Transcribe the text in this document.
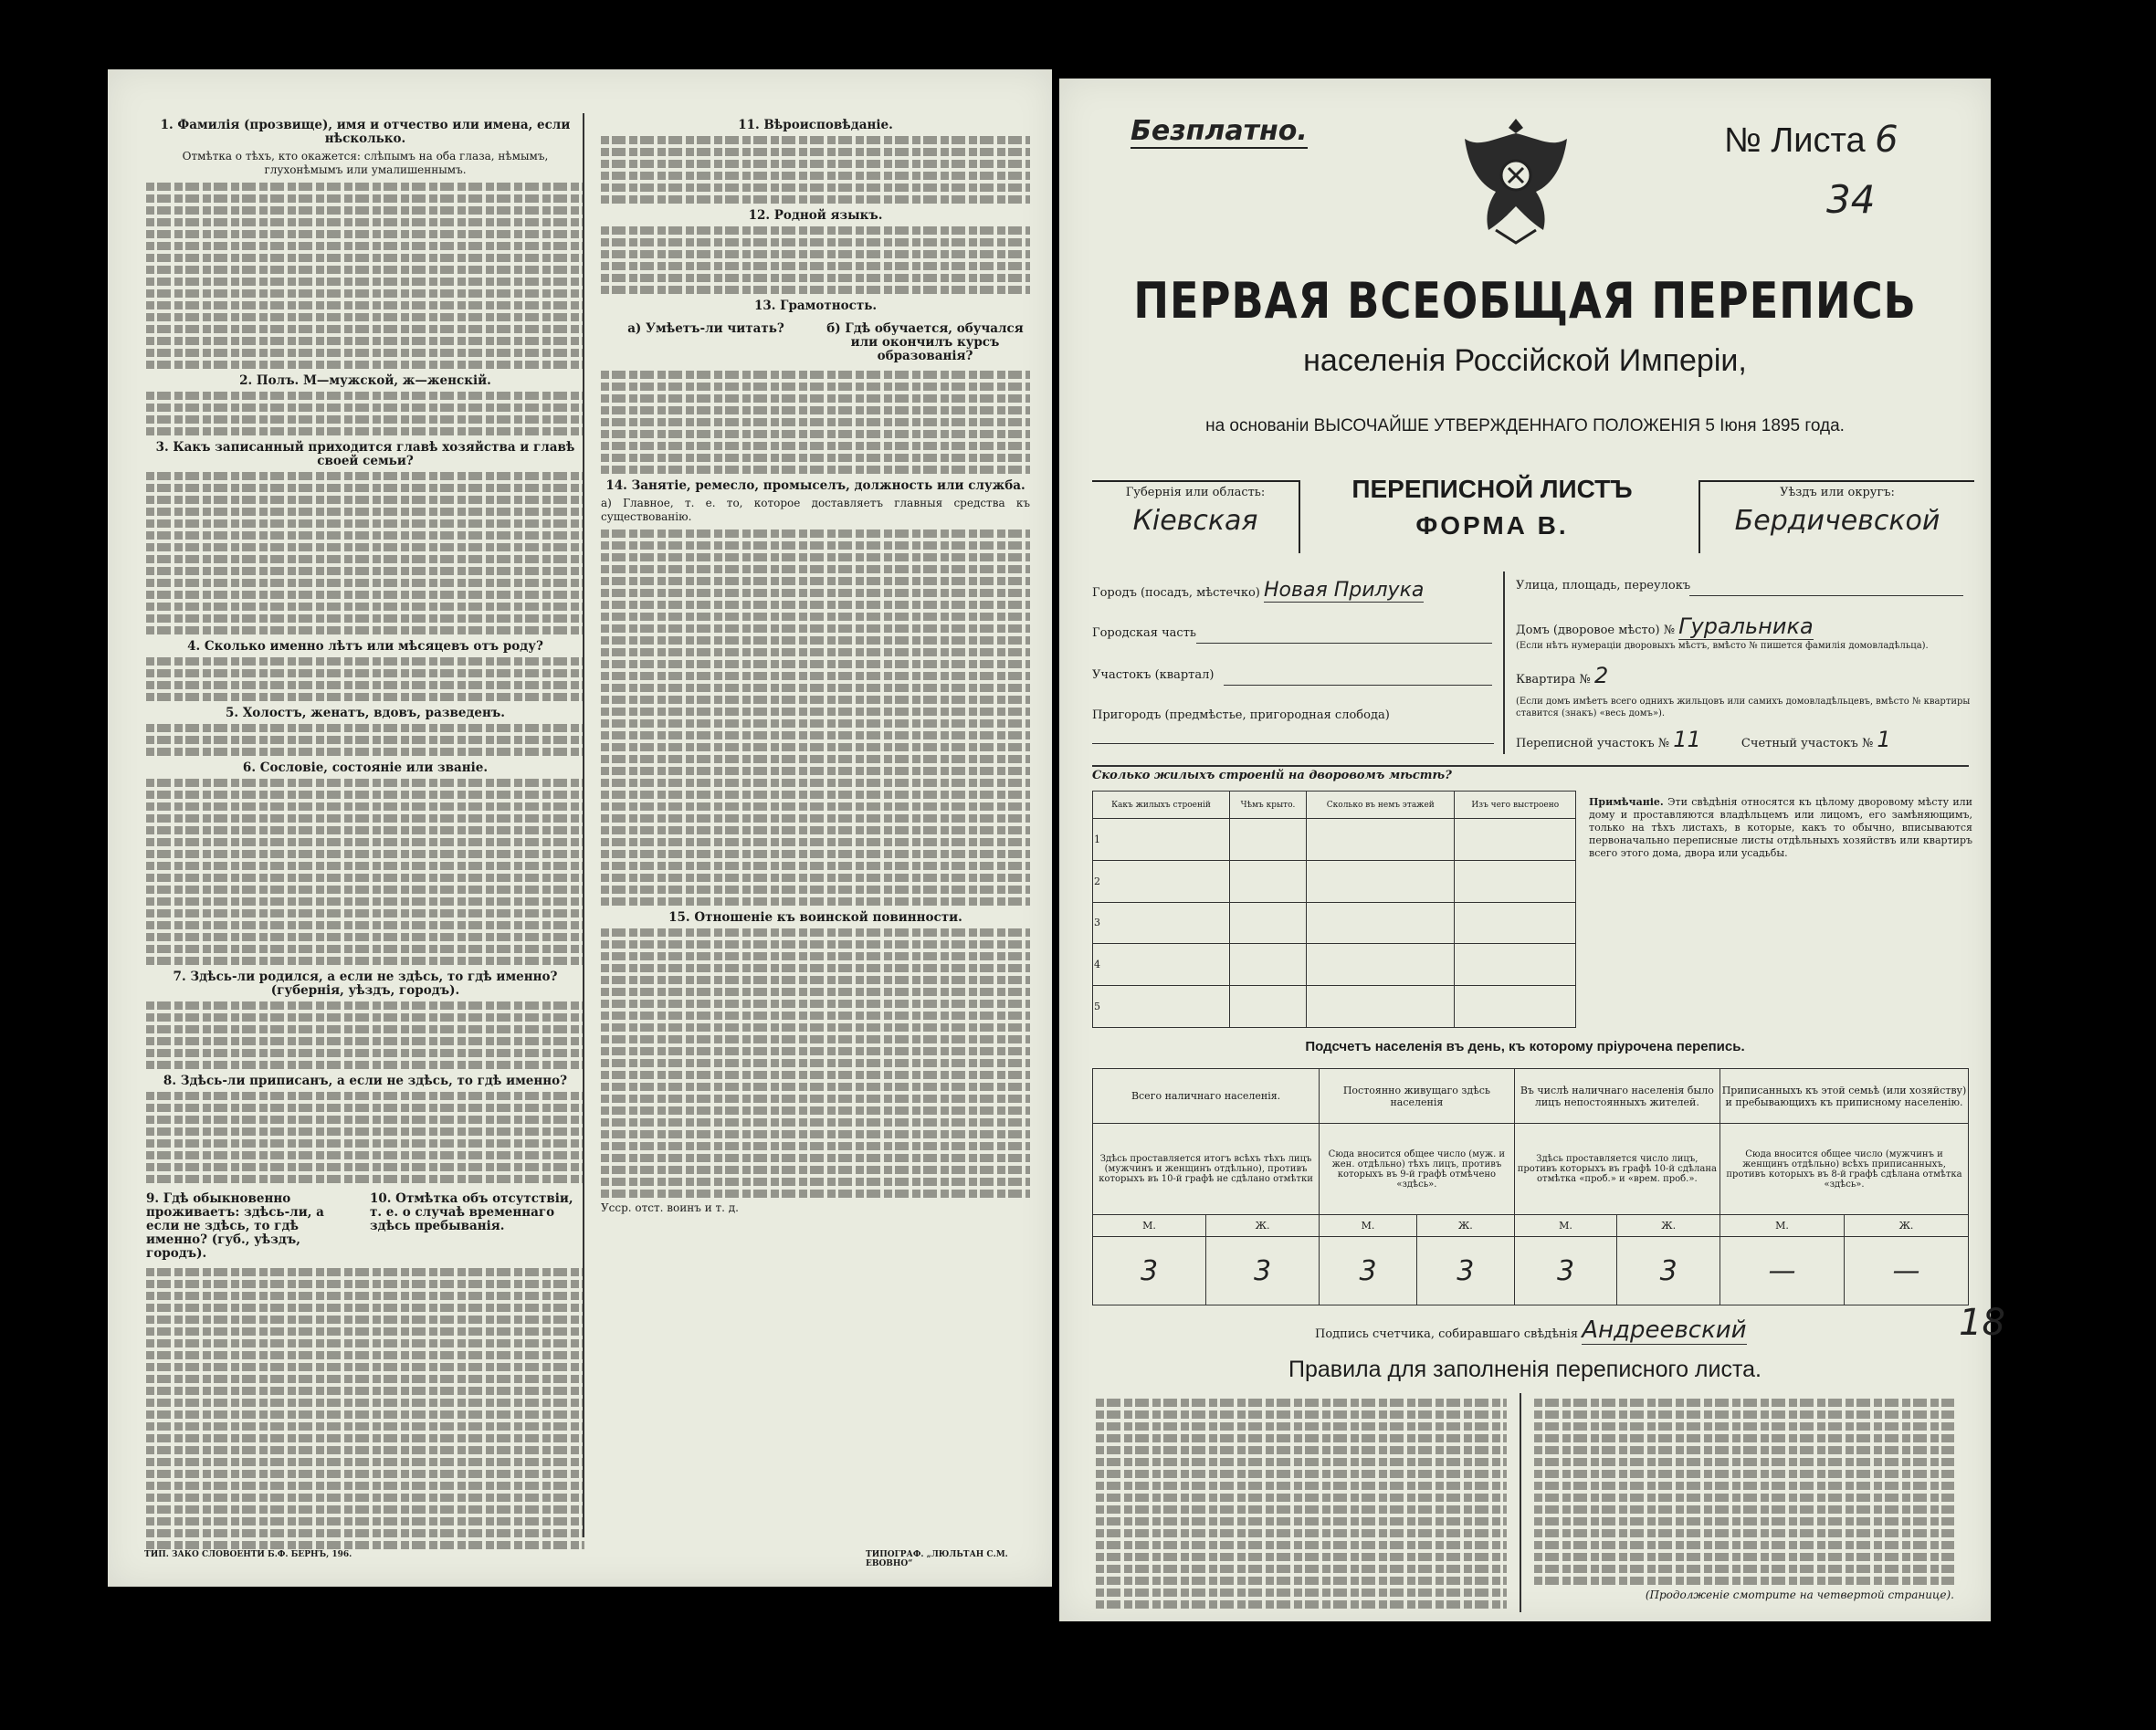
1. Фамилія (прозвище), имя и отчество или имена, если нѣсколько.

Отмѣтка о тѣхъ, кто окажется: слѣпымъ на оба глаза, нѣмымъ, глухонѣмымъ или умалишеннымъ.

2. Полъ. М—мужской, ж—женскій.
3. Какъ записанный приходится главѣ хозяйства и главѣ своей семьи?
4. Сколько именно лѣтъ или мѣсяцевъ отъ роду?
5. Холостъ, женатъ, вдовъ, разведенъ.
6. Сословіе, состояніе или званіе.
7. Здѣсь-ли родился, а если не здѣсь, то гдѣ именно? (губернія, уѣздъ, городъ).
8. Здѣсь-ли приписанъ, а если не здѣсь, то гдѣ именно?
9. Гдѣ обыкновенно проживаетъ: здѣсь-ли, а если не здѣсь, то гдѣ именно? (губ., уѣздъ, городъ).
10. Отмѣтка объ отсутствіи, т. е. о случаѣ временнаго здѣсь пребыванія.
11. Вѣроисповѣданіе.
12. Родной языкъ.
13. Грамотность.
а) Умѣетъ-ли читать?	б) Гдѣ обучается, обучался или окончилъ курсъ образованія?
14. Занятіе, ремесло, промыселъ, должность или служба.

а) Главное, т. е. то, которое доставляетъ главныя средства къ существованію.

15. Отношеніе къ воинской повинности.

Усср. отст. воинъ и т. д.

ТИП. ЗАКО СЛОВОЕНТИ Б.Ф. БЕРНЪ, 196.	ТИПОГРАФ. „ЛЮЛЬТАН С.М. ЕВОВНО“
Безплатно.	№ Листа 6
34
ПЕРВАЯ ВСЕОБЩАЯ ПЕРЕПИСЬ
населенія Россійской Имперіи,
на основаніи ВЫСОЧАЙШЕ УТВЕРЖДЕННАГО ПОЛОЖЕНІЯ 5 Іюня 1895 года.
Губернія или область:
Кіевская
ПЕРЕПИСНОЙ ЛИСТЪ
ФОРМА В.
Уѣздъ или округъ:
Бердичевской
Городъ (посадъ, мѣстечко) Новая Прилука
Городская часть
Участокъ (квартал)
Пригородъ (предмѣстье, пригородная слобода)
Улица, площадь, переулокъ
Домъ (дворовое мѣсто) № Гуральника
(Если нѣтъ нумераціи дворовыхъ мѣстъ, вмѣсто № пишется фамилія домовладѣльца).
Квартира № 2
(Если домъ имѣетъ всего однихъ жильцовъ или самихъ домовладѣльцевъ, вмѣсто № квартиры ставится (знакъ) «весь домъ»).
Переписной участокъ № 11	Счетный участокъ № 1
Сколько жилыхъ строеній на дворовомъ мѣстѣ?
Какъ жилыхъ строеній	Чѣмъ крыто.	Сколько въ немъ этажей	Изъ чего выстроено
1			
2			
3			
4			
5			
Примѣчаніе. Эти свѣдѣнія относятся къ цѣлому дворовому мѣсту или дому и проставляются владѣльцемъ или лицомъ, его замѣняющимъ, только на тѣхъ листахъ, в которые, какъ то обычно, вписываются первоначально переписные листы отдѣльныхъ хозяйствъ или квартиръ всего этого дома, двора или усадьбы.
Подсчетъ населенія въ день, къ которому пріурочена перепись.
Всего наличнаго населенія.		Постоянно живущаго здѣсь населенія		Въ числѣ наличнаго населенія было лицъ непостоянныхъ жителей.		Приписанныхъ къ этой семьѣ (или хозяйству) и пребывающихъ къ приписному населенію.	
Здѣсь проставляется итогъ всѣхъ тѣхъ лицъ (мужчинъ и женщинъ отдѣльно), противъ которыхъ въ 10-й графѣ не сдѣлано отмѣтки		Сюда вносится общее число (муж. и жен. отдѣльно) тѣхъ лицъ, противъ которыхъ въ 9-й графѣ отмѣчено «здѣсь».		Здѣсь проставляется число лицъ, противъ которыхъ въ графѣ 10-й сдѣлана отмѣтка «проб.» и «врем. проб.».		Сюда вносится общее число (мужчинъ и женщинъ отдѣльно) всѣхъ приписанныхъ, противъ которыхъ въ 8-й графѣ сдѣлана отмѣтка «здѣсь».	
М.	Ж.	М.	Ж.	М.	Ж.	М.	Ж.
3	3	3	3	3	3	—	—
Подпись счетчика, собиравшаго свѣдѣнія Андреевский
Правила для заполненія переписного листа.

(Продолженіе смотрите на четвертой странице).

18
